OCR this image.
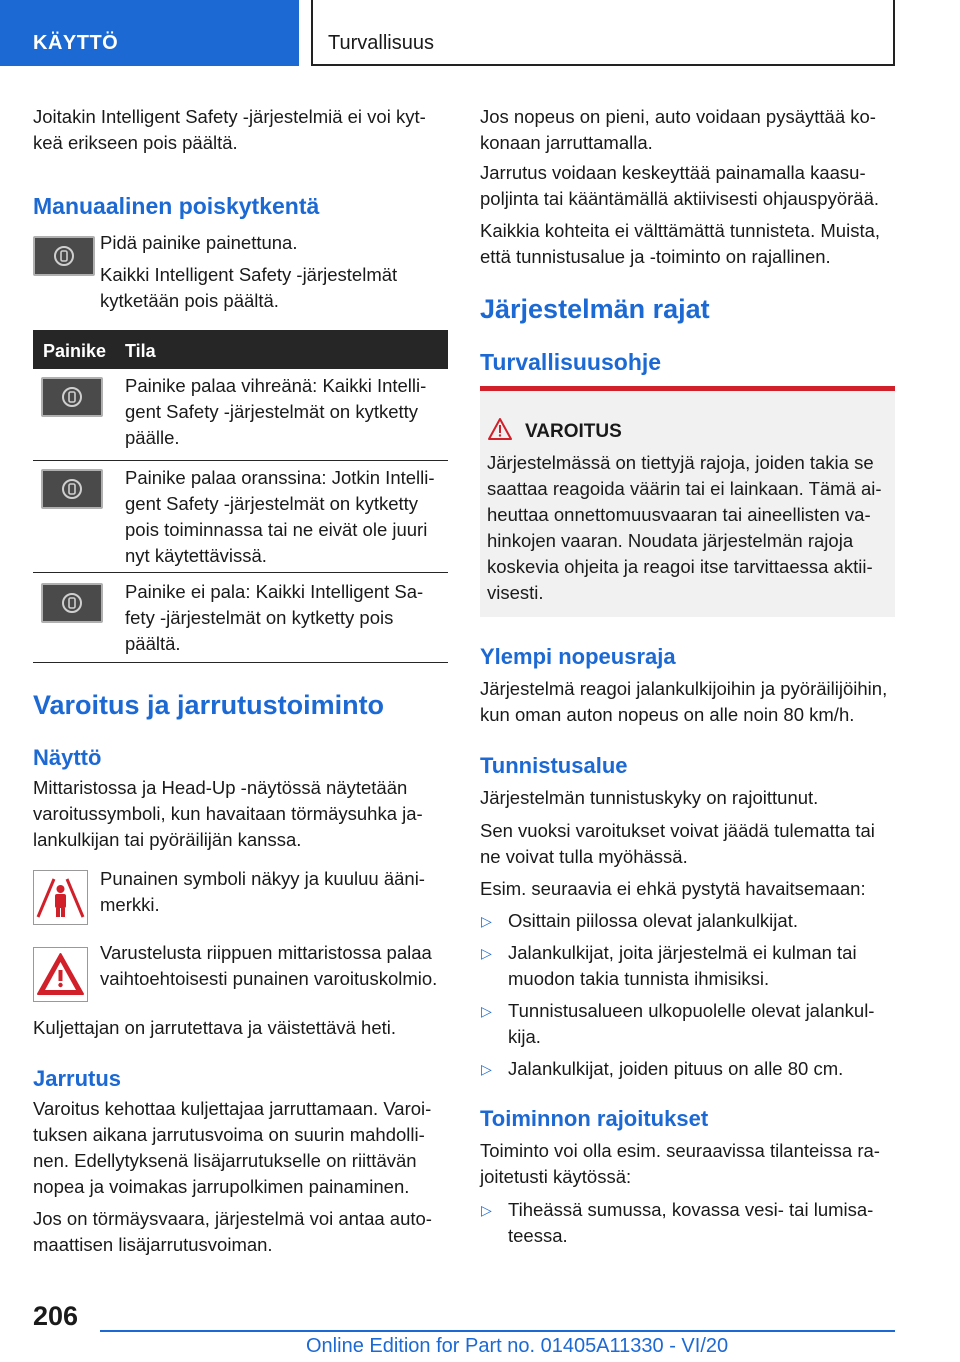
KÄYTTÖ	Turvallisuus

Joitakin Intelligent Safety -järjestelmiä ei voi kyt-keä erikseen pois päältä.

Manuaalinen poiskytkentä

Pidä painike painettuna.

Kaikki Intelligent Safety -järjestelmät kytketään pois päältä.

Painike Tila
Painike palaa vihreänä: Kaikki Intelli-gent Safety -järjestelmät on kytketty päälle.
Painike palaa oranssina: Jotkin Intelli-gent Safety -järjestelmät on kytketty pois toiminnassa tai ne eivät ole juuri nyt käytettävissä.
Painike ei pala: Kaikki Intelligent Sa-fety -järjestelmät on kytketty pois päältä.
Varoitus ja jarrutustoiminto
Näyttö

Mittaristossa ja Head-Up -näytössä näytetään varoitussymboli, kun havaitaan törmäysuhka ja-lankulkijan tai pyöräilijän kanssa.

Punainen symboli näkyy ja kuuluu ääni-merkki.

Varustelusta riippuen mittaristossa palaa vaihtoehtoisesti punainen varoituskolmio.

Kuljettajan on jarrutettava ja väistettävä heti.

Jarrutus

Varoitus kehottaa kuljettajaa jarruttamaan. Varoi-tuksen aikana jarrutusvoima on suurin mahdolli-nen. Edellytyksenä lisäjarrutukselle on riittävän nopea ja voimakas jarrupolkimen painaminen.

Jos on törmäysvaara, järjestelmä voi antaa auto-maattisen lisäjarrutusvoiman.

Jos nopeus on pieni, auto voidaan pysäyttää ko-konaan jarruttamalla.

Jarrutus voidaan keskeyttää painamalla kaasu-poljinta tai kääntämällä aktiivisesti ohjauspyörää.

Kaikkia kohteita ei välttämättä tunnisteta. Muista, että tunnistusalue ja -toiminto on rajallinen.

Järjestelmän rajat
Turvallisuusohje
VAROITUS
Järjestelmässä on tiettyjä rajoja, joiden takia se saattaa reagoida väärin tai ei lainkaan. Tämä ai-heuttaa onnettomuusvaaran tai aineellisten va-hinkojen vaaran. Noudata järjestelmän rajoja koskevia ohjeita ja reagoi itse tarvittaessa aktii-visesti.
Ylempi nopeusraja

Järjestelmä reagoi jalankulkijoihin ja pyöräilijöihin, kun oman auton nopeus on alle noin 80 km/h.

Tunnistusalue

Järjestelmän tunnistuskyky on rajoittunut.

Sen vuoksi varoitukset voivat jäädä tulematta tai ne voivat tulla myöhässä.

Esim. seuraavia ei ehkä pystytä havaitsemaan:

▷ Osittain piilossa olevat jalankulkijat.
▷ Jalankulkijat, joita järjestelmä ei kulman tai muodon takia tunnista ihmisiksi.
▷ Tunnistusalueen ulkopuolelle olevat jalankul-kija.
▷ Jalankulkijat, joiden pituus on alle 80 cm.
Toiminnon rajoitukset

Toiminto voi olla esim. seuraavissa tilanteissa ra-joitetusti käytössä:

▷ Tiheässä sumussa, kovassa vesi- tai lumisa-teessa.
206
Online Edition for Part no. 01405A11330 - VI/20
